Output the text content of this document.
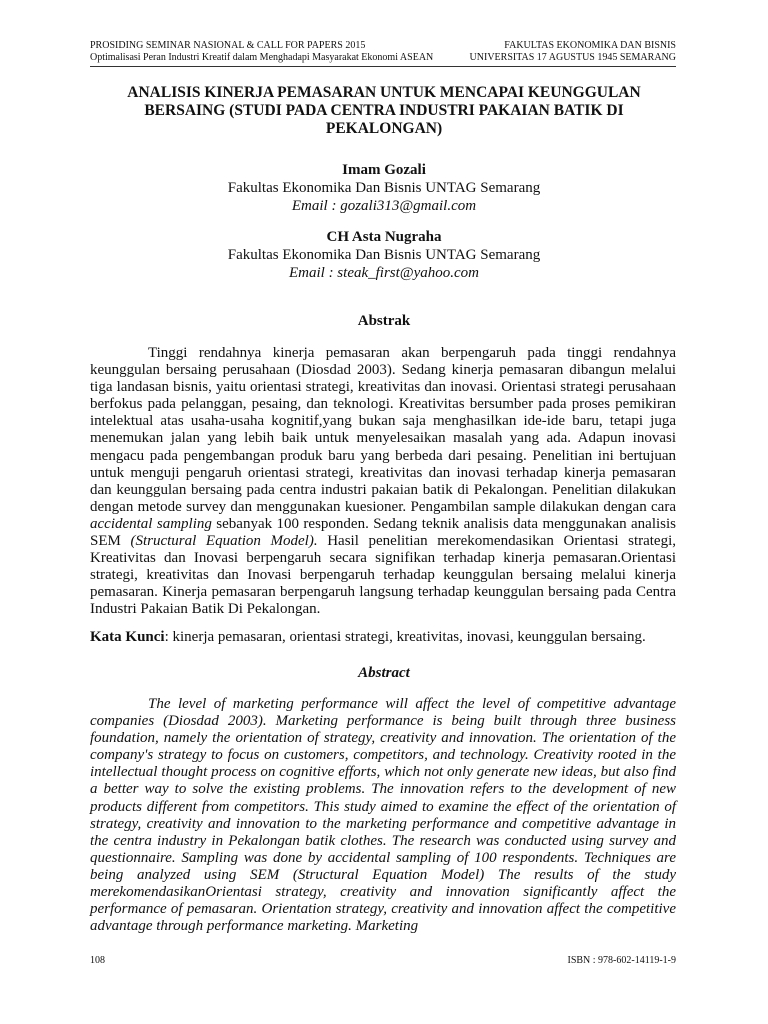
PROSIDING SEMINAR NASIONAL & CALL FOR PAPERS 2015	FAKULTAS EKONOMIKA DAN BISNIS
Optimalisasi Peran Industri Kreatif dalam Menghadapi Masyarakat Ekonomi ASEAN	UNIVERSITAS 17 AGUSTUS 1945 SEMARANG
ANALISIS KINERJA PEMASARAN UNTUK MENCAPAI KEUNGGULAN BERSAING (STUDI PADA CENTRA INDUSTRI PAKAIAN BATIK DI PEKALONGAN)
Imam Gozali
Fakultas Ekonomika Dan Bisnis UNTAG Semarang
Email : gozali313@gmail.com
CH Asta Nugraha
Fakultas Ekonomika Dan Bisnis UNTAG Semarang
Email : steak_first@yahoo.com
Abstrak
Tinggi rendahnya kinerja pemasaran akan berpengaruh pada tinggi rendahnya keunggulan bersaing perusahaan (Diosdad 2003). Sedang kinerja pemasaran dibangun melalui tiga landasan bisnis, yaitu orientasi strategi, kreativitas dan inovasi. Orientasi strategi perusahaan berfokus pada pelanggan, pesaing, dan teknologi. Kreativitas bersumber pada proses pemikiran intelektual atas usaha-usaha kognitif,yang bukan saja menghasilkan ide-ide baru, tetapi juga menemukan jalan yang lebih baik untuk menyelesaikan masalah yang ada. Adapun inovasi mengacu pada pengembangan produk baru yang berbeda dari pesaing. Penelitian ini bertujuan untuk menguji pengaruh orientasi strategi, kreativitas dan inovasi terhadap kinerja pemasaran dan keunggulan bersaing pada centra industri pakaian batik di Pekalongan. Penelitian dilakukan dengan metode survey dan menggunakan kuesioner. Pengambilan sample dilakukan dengan cara accidental sampling sebanyak 100 responden. Sedang teknik analisis data menggunakan analisis SEM (Structural Equation Model). Hasil penelitian merekomendasikan Orientasi strategi, Kreativitas dan Inovasi berpengaruh secara signifikan terhadap kinerja pemasaran.Orientasi strategi, kreativitas dan Inovasi berpengaruh terhadap keunggulan bersaing melalui kinerja pemasaran. Kinerja pemasaran berpengaruh langsung terhadap keunggulan bersaing pada Centra Industri Pakaian Batik Di Pekalongan.
Kata Kunci: kinerja pemasaran, orientasi strategi, kreativitas, inovasi, keunggulan bersaing.
Abstract
The level of marketing performance will affect the level of competitive advantage companies (Diosdad 2003). Marketing performance is being built through three business foundation, namely the orientation of strategy, creativity and innovation. The orientation of the company's strategy to focus on customers, competitors, and technology. Creativity rooted in the intellectual thought process on cognitive efforts, which not only generate new ideas, but also find a better way to solve the existing problems. The innovation refers to the development of new products different from competitors. This study aimed to examine the effect of the orientation of strategy, creativity and innovation to the marketing performance and competitive advantage in the centra industry in Pekalongan batik clothes. The research was conducted using survey and questionnaire. Sampling was done by accidental sampling of 100 respondents. Techniques are being analyzed using SEM (Structural Equation Model) The results of the study merekomendasikanOrientasi strategy, creativity and innovation significantly affect the performance of pemasaran. Orientation strategy, creativity and innovation affect the competitive advantage through performance marketing. Marketing
108	ISBN : 978-602-14119-1-9
